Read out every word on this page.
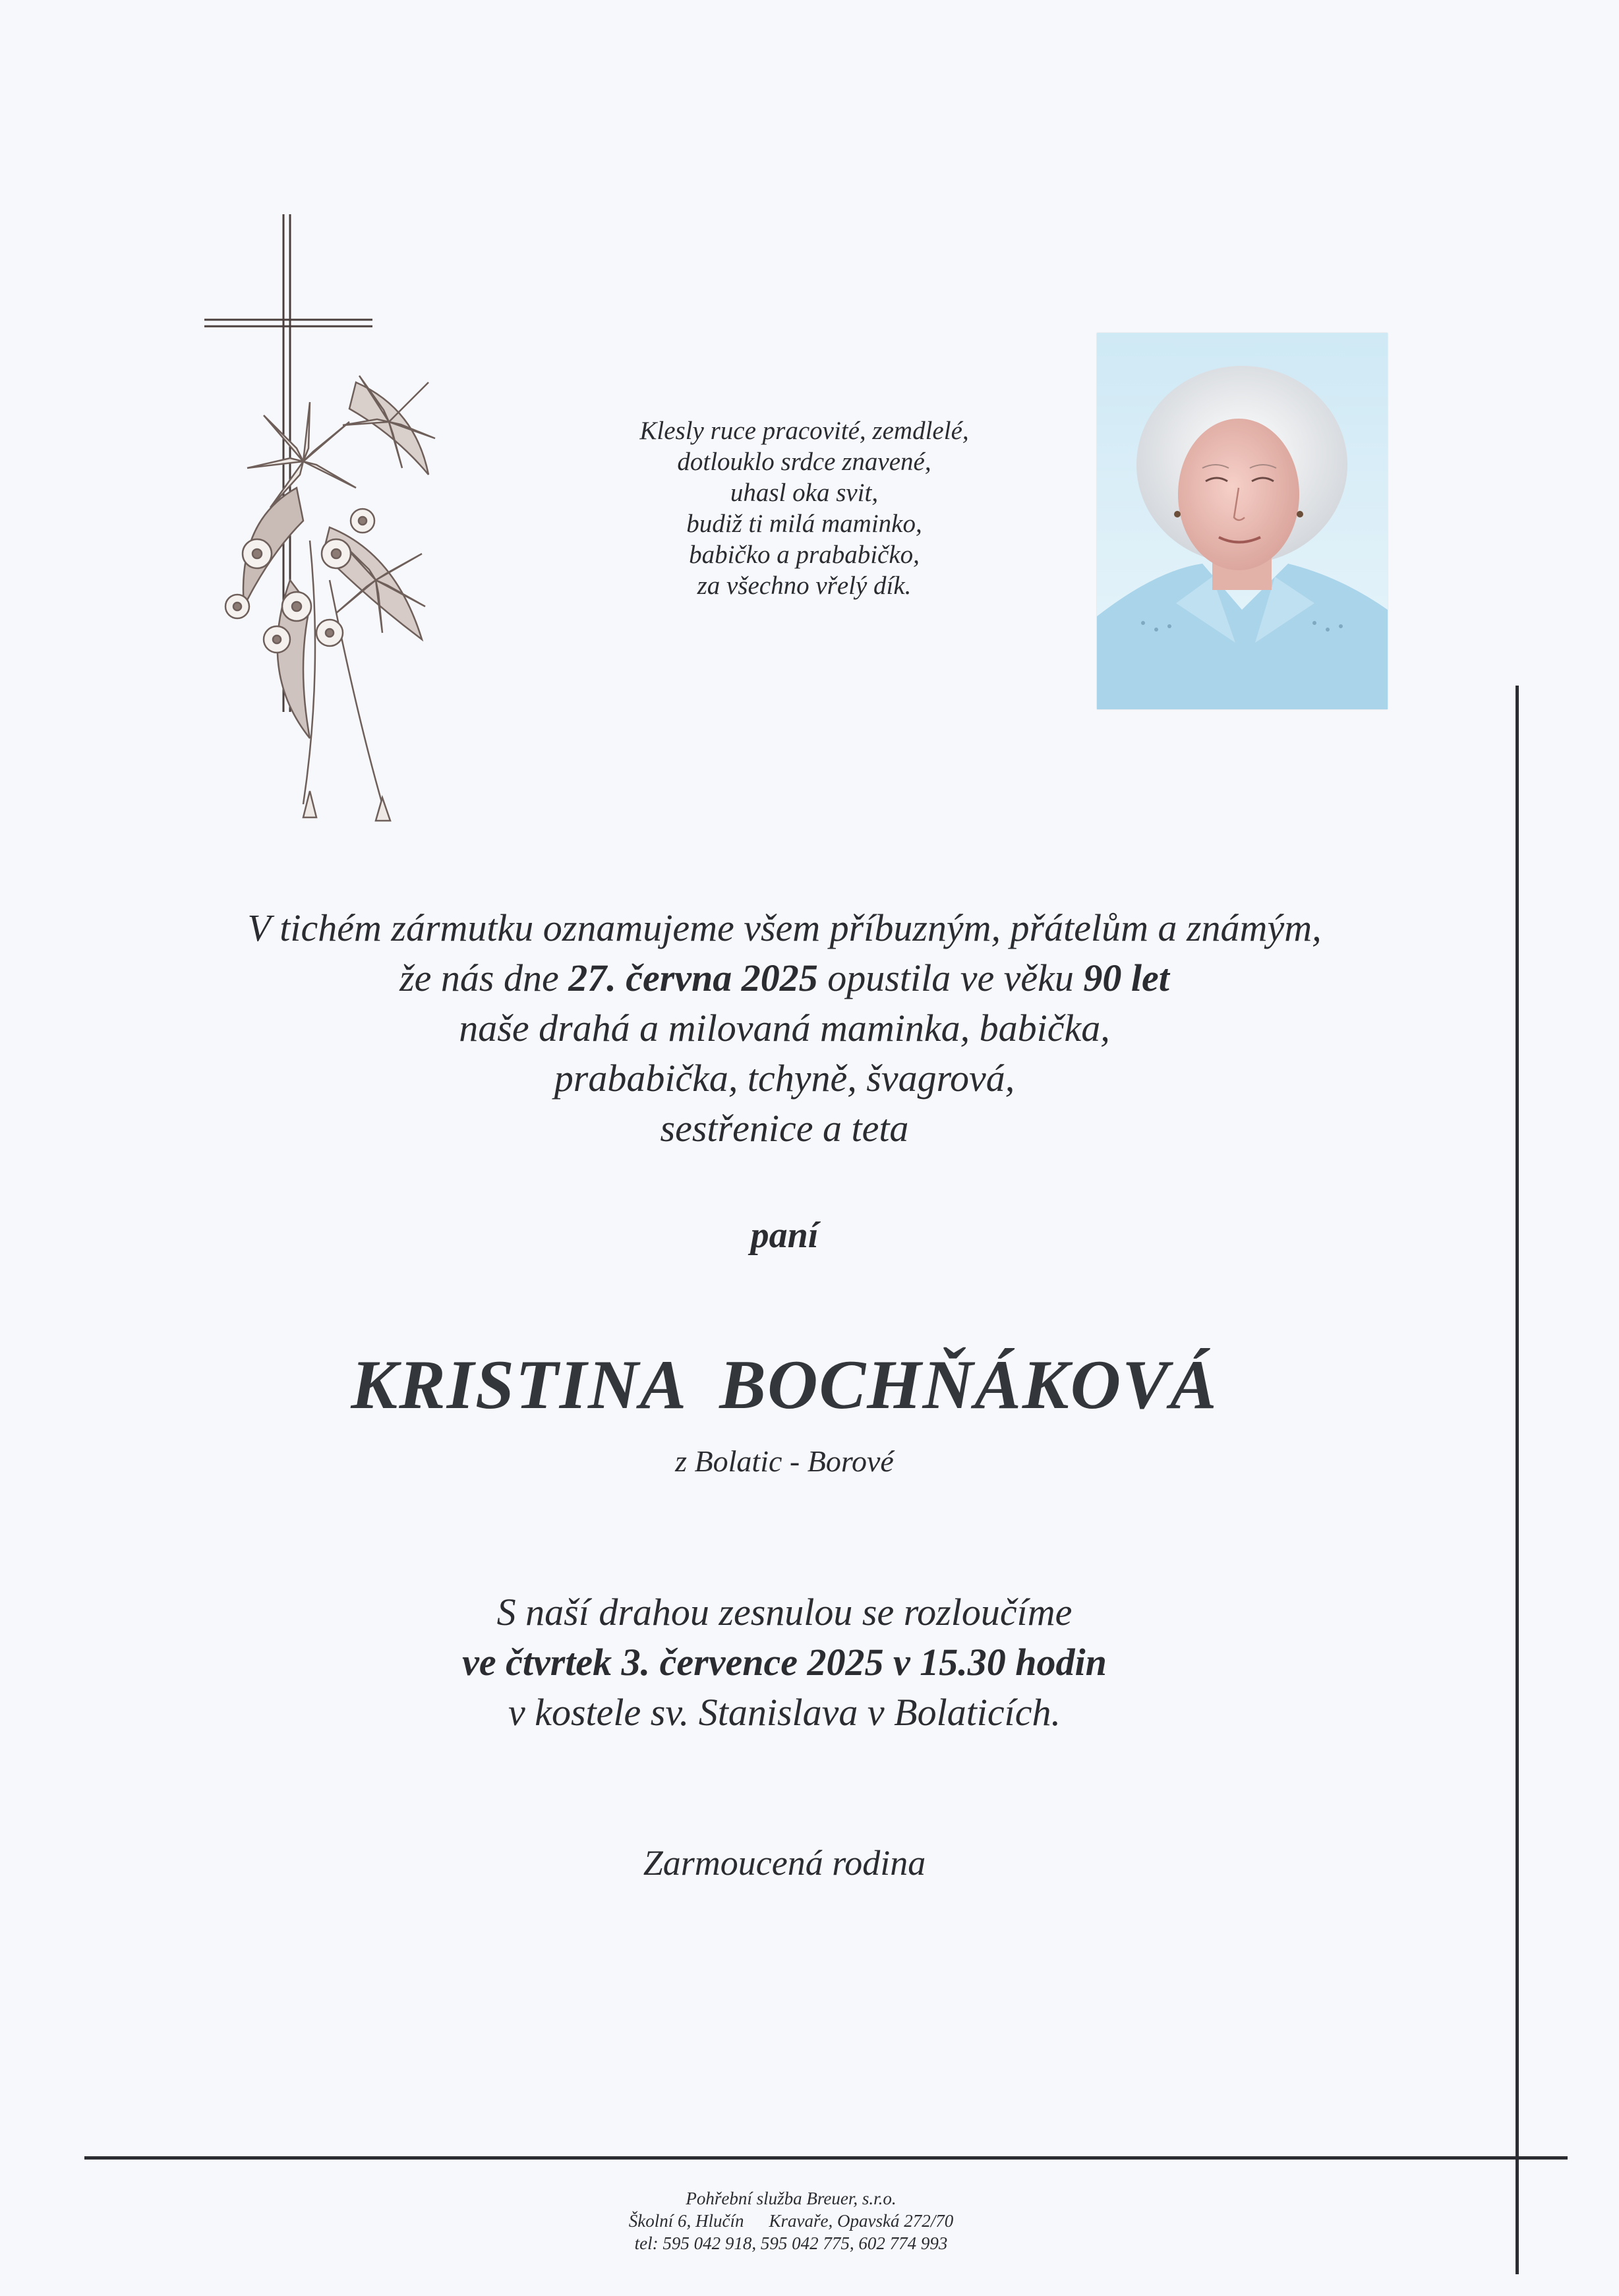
Klesly ruce pracovité, zemdlelé,
dotlouklo srdce znavené,
uhasl oka svit,
budiž ti milá maminko,
babičko a prababičko,
za všechno vřelý dík.
V tichém zármutku oznamujeme všem příbuzným, přátelům a známým,
že nás dne 27. června 2025 opustila ve věku 90 let
naše drahá a milovaná maminka, babička,
prababička, tchyně, švagrová,
sestřenice a teta
paní
KRISTINA BOCHŇÁKOVÁ
z Bolatic - Borové
S naší drahou zesnulou se rozloučíme
ve čtvrtek 3. července 2025 v 15.30 hodin
v kostele sv. Stanislava v Bolaticích.
Zarmoucená rodina
Pohřební služba Breuer, s.r.o.
Školní 6, Hlučín Kravaře, Opavská 272/70
tel: 595 042 918, 595 042 775, 602 774 993
